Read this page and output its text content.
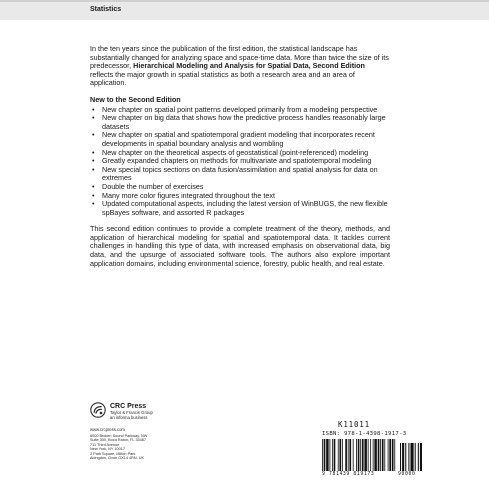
Statistics

In the ten years since the publication of the first edition, the statistical landscape has substantially changed for analyzing space and space-time data. More than twice the size of its predecessor, Hierarchical Modeling and Analysis for Spatial Data, Second Edition reflects the major growth in spatial statistics as both a research area and an area of application.

New to the Second Edition
• New chapter on spatial point patterns developed primarily from a modeling perspective
• New chapter on big data that shows how the predictive process handles reasonably large datasets
• New chapter on spatial and spatiotemporal gradient modeling that incorporates recent developments in spatial boundary analysis and wombling
• New chapter on the theoretical aspects of geostatistical (point-referenced) modeling
• Greatly expanded chapters on methods for multivariate and spatiotemporal modeling
• New special topics sections on data fusion/assimilation and spatial analysis for data on extremes
• Double the number of exercises
• Many more color figures integrated throughout the text
• Updated computational aspects, including the latest version of WinBUGS, the new flexible spBayes software, and assorted R packages

This second edition continues to provide a complete treatment of the theory, methods, and application of hierarchical modeling for spatial and spatiotemporal data. It tackles current challenges in handling this type of data, with increased emphasis on observational data, big data, and the upsurge of associated software tools. The authors also explore important application domains, including environmental science, forestry, public health, and real estate.

CRC Press
Taylor & Francis Group
an informa business
www.crcpress.com
6000 Broken Sound Parkway, NW
Suite 300, Boca Raton, FL 33487
711 Third Avenue
New York, NY 10017
2 Park Square, Milton Park
Abingdon, Oxon OX14 4RN, UK
K11011
ISBN: 978-1-4398-1917-3
9 781439 819173	90000
